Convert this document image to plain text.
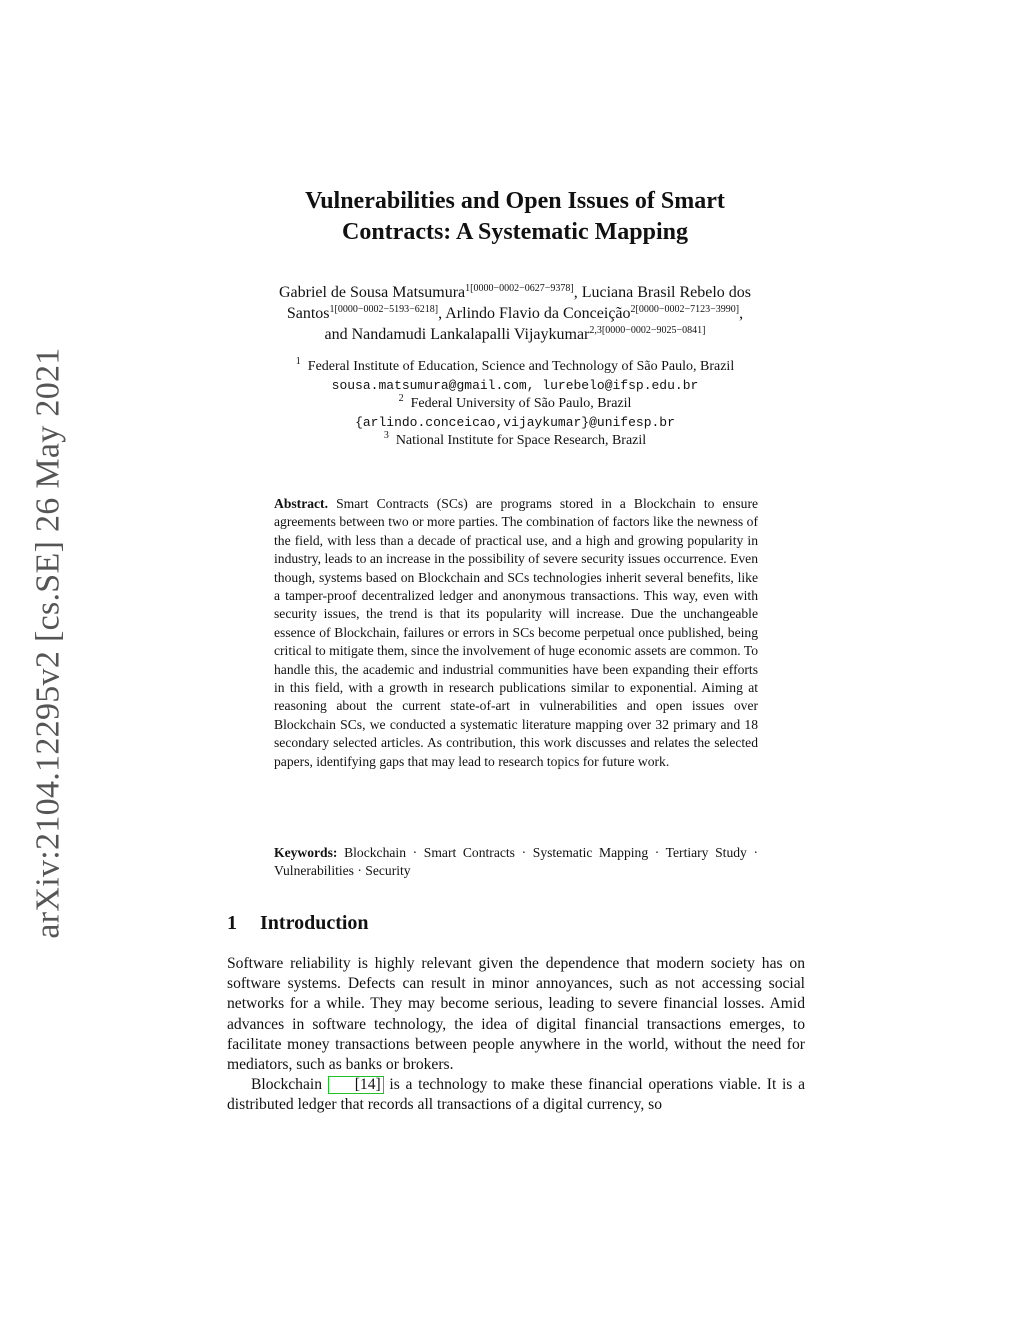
arXiv:2104.12295v2 [cs.SE] 26 May 2021
Vulnerabilities and Open Issues of Smart
Contracts: A Systematic Mapping
Gabriel de Sousa Matsumura$^{1[0000-0002-0627-9378]}$, Luciana Brasil Rebelo dos
Santos$^{1[0000-0002-5193-6218]}$, Arlindo Flavio da Conceição$^{2[0000-0002-7123-3990]}$,
and Nandamudi Lankalapalli Vijaykumar$^{2,3[0000-0002-9025-0841]}$
$^1$ Federal Institute of Education, Science and Technology of São Paulo, Brazil
sousa.matsumura@gmail.com, lurebelo@ifsp.edu.br
$^2$ Federal University of São Paulo, Brazil
{arlindo.conceicao,vijaykumar}@unifesp.br
$^3$ National Institute for Space Research, Brazil
Abstract. Smart Contracts (SCs) are programs stored in a Blockchain to ensure agreements between two or more parties. The combination of factors like the newness of the field, with less than a decade of practical use, and a high and growing popularity in industry, leads to an increase in the possibility of severe security issues occurrence. Even though, systems based on Blockchain and SCs technologies inherit several benefits, like a tamper-proof decentralized ledger and anonymous transactions. This way, even with security issues, the trend is that its popularity will increase. Due the unchangeable essence of Blockchain, failures or errors in SCs become perpetual once published, being critical to mitigate them, since the involvement of huge economic assets are common. To handle this, the academic and industrial communities have been expanding their efforts in this field, with a growth in research publications similar to exponential. Aiming at reasoning about the current state-of-art in vulnerabilities and open issues over Blockchain SCs, we conducted a systematic literature mapping over 32 primary and 18 secondary selected articles. As contribution, this work discusses and relates the selected papers, identifying gaps that may lead to research topics for future work.
Keywords: Blockchain · Smart Contracts · Systematic Mapping · Tertiary Study · Vulnerabilities · Security
1 Introduction

Software reliability is highly relevant given the dependence that modern society has on software systems. Defects can result in minor annoyances, such as not accessing social networks for a while. They may become serious, leading to severe financial losses. Amid advances in software technology, the idea of digital financial transactions emerges, to facilitate money transactions between people anywhere in the world, without the need for mediators, such as banks or brokers.

Blockchain [14] is a technology to make these financial operations viable. It is a distributed ledger that records all transactions of a digital currency, so
